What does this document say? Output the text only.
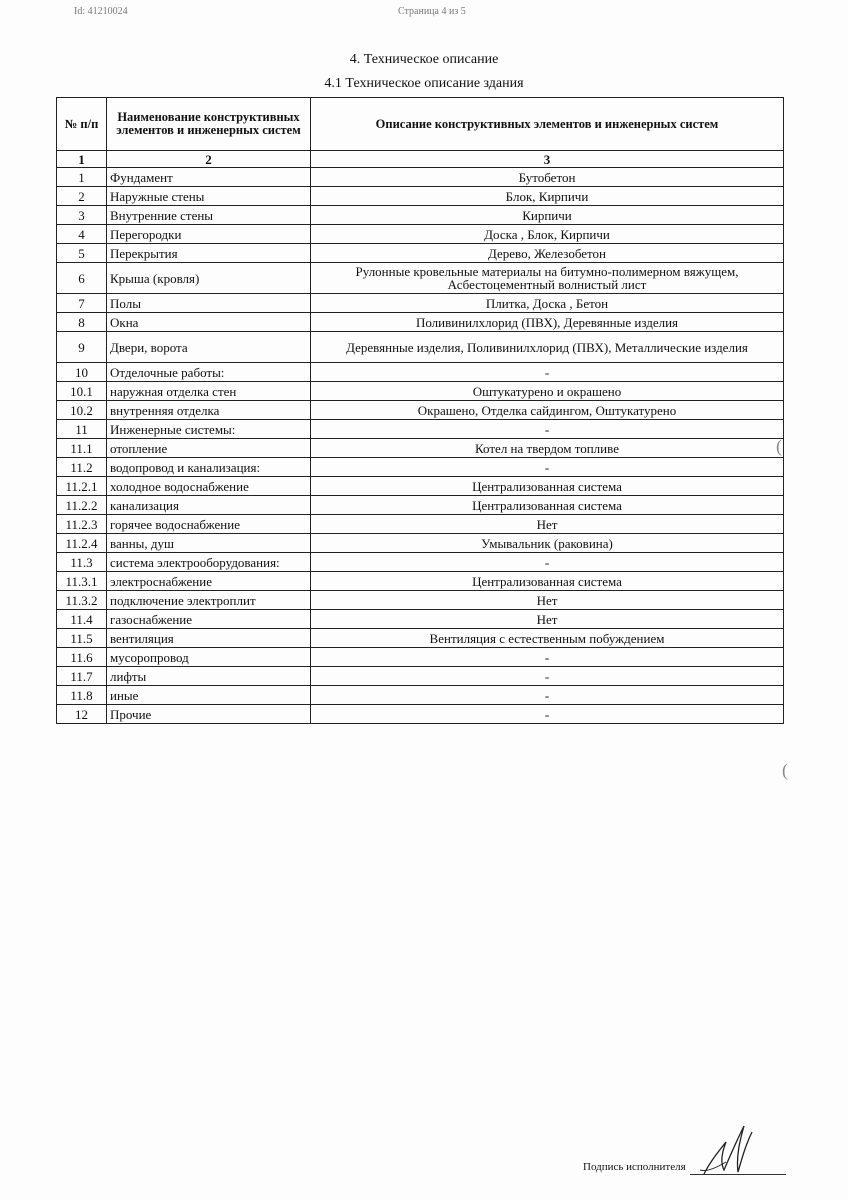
Id: 41210024	Страница 4 из 5
4. Техническое описание
4.1 Техническое описание здания
№ п/п	Наименование конструктивных элементов и инженерных систем	Описание конструктивных элементов и инженерных систем
1	2	3
1	Фундамент	Бутобетон
2	Наружные стены	Блок, Кирпичи
3	Внутренние стены	Кирпичи
4	Перегородки	Доска , Блок, Кирпичи
5	Перекрытия	Дерево, Железобетон
6	Крыша (кровля)	Рулонные кровельные материалы на битумно-полимерном вяжущем, Асбестоцементный волнистый лист
7	Полы	Плитка, Доска , Бетон
8	Окна	Поливинилхлорид (ПВХ), Деревянные изделия
9	Двери, ворота	Деревянные изделия, Поливинилхлорид (ПВХ), Металлические изделия
10	Отделочные работы:	-
10.1	наружная отделка стен	Оштукатурено и окрашено
10.2	внутренняя отделка	Окрашено, Отделка сайдингом, Оштукатурено
11	Инженерные системы:	-
11.1	отопление	Котел на твердом топливе
11.2	водопровод и канализация:	-
11.2.1	холодное водоснабжение	Централизованная система
11.2.2	канализация	Централизованная система
11.2.3	горячее водоснабжение	Нет
11.2.4	ванны, душ	Умывальник (раковина)
11.3	система электрооборудования:	-
11.3.1	электроснабжение	Централизованная система
11.3.2	подключение электроплит	Нет
11.4	газоснабжение	Нет
11.5	вентиляция	Вентиляция с естественным побуждением
11.6	мусоропровод	-
11.7	лифты	-
11.8	иные	-
12	Прочие	-
(
(
Подпись исполнителя
